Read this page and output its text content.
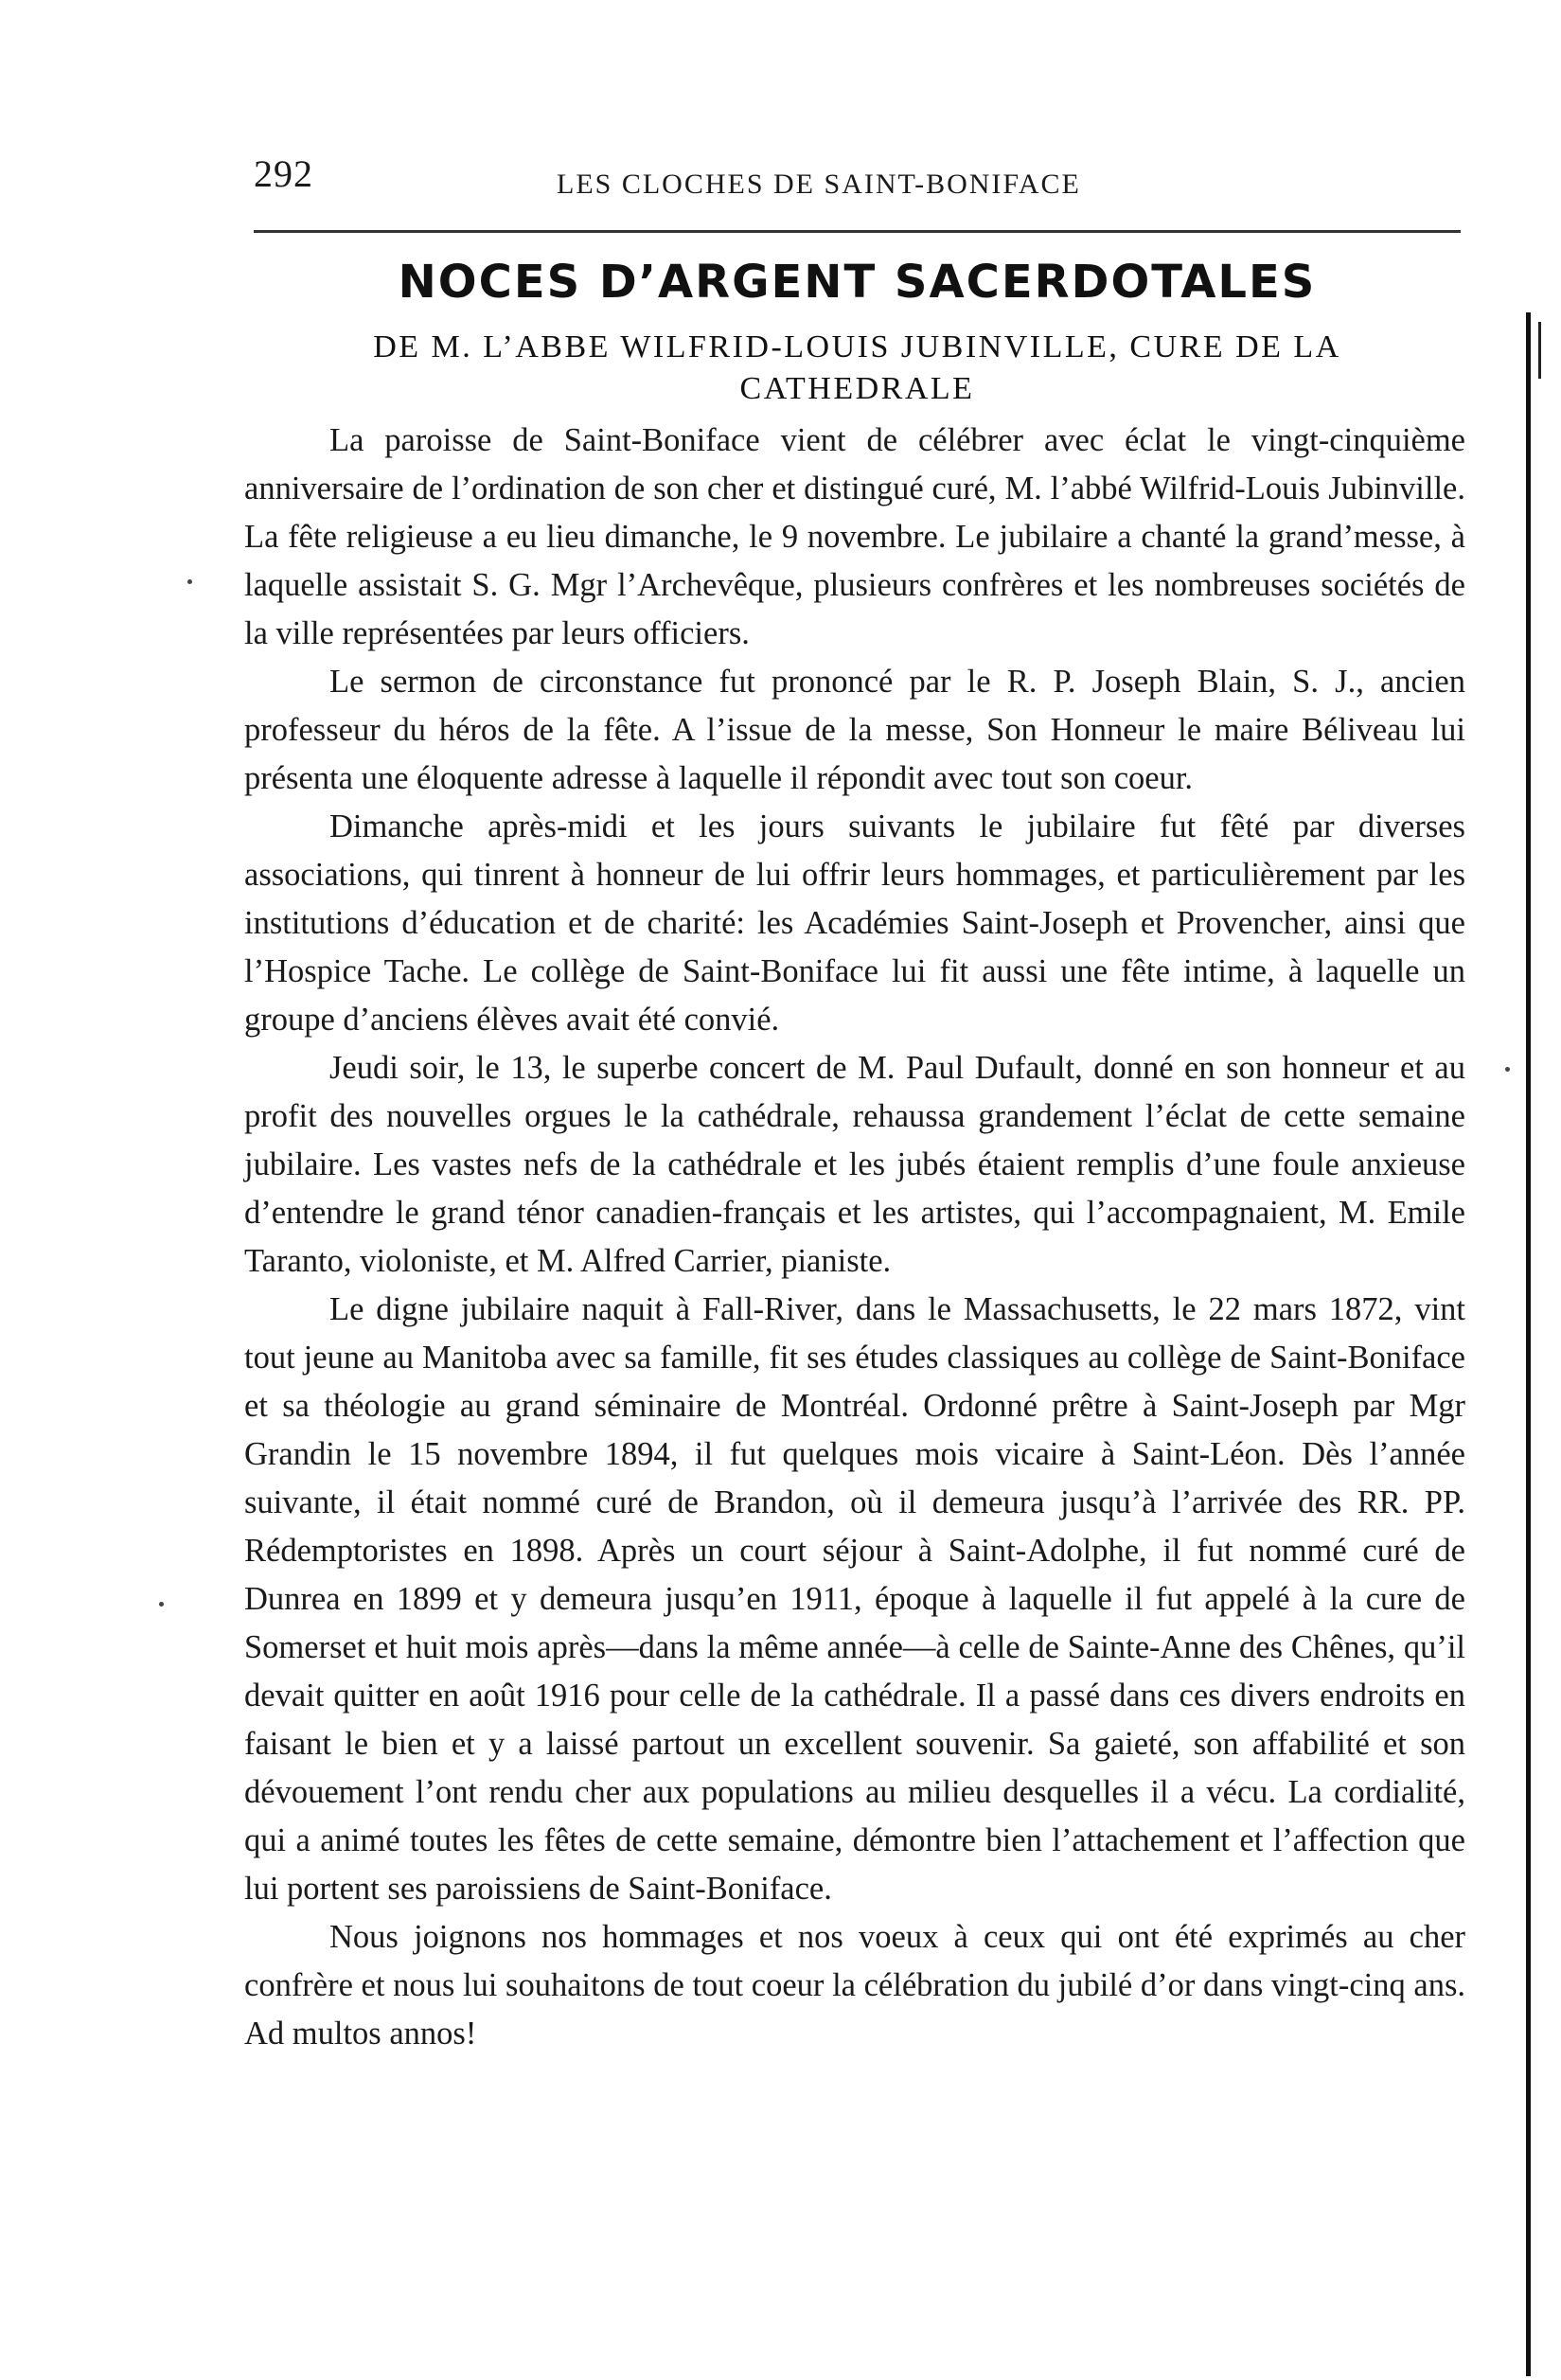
292	LES CLOCHES DE SAINT-BONIFACE
NOCES D’ARGENT SACERDOTALES
DE M. L’ABBE WILFRID-LOUIS JUBINVILLE, CURE DE LA CATHEDRALE

La paroisse de Saint-Boniface vient de célébrer avec éclat le vingt-cinquième anniversaire de l’ordination de son cher et distingué curé, M. l’abbé Wilfrid-Louis Jubinville. La fête religieuse a eu lieu dimanche, le 9 novembre. Le jubilaire a chanté la grand’messe, à laquelle assistait S. G. Mgr l’Archevêque, plusieurs confrères et les nombreuses sociétés de la ville représentées par leurs officiers.

Le sermon de circonstance fut prononcé par le R. P. Joseph Blain, S. J., ancien professeur du héros de la fête. A l’issue de la messe, Son Honneur le maire Béliveau lui présenta une éloquente adresse à laquelle il répondit avec tout son coeur.

Dimanche après-midi et les jours suivants le jubilaire fut fêté par diverses associations, qui tinrent à honneur de lui offrir leurs hommages, et particulièrement par les institutions d’éducation et de charité: les Académies Saint-Joseph et Provencher, ainsi que l’Hospice Tache. Le collège de Saint-Boniface lui fit aussi une fête intime, à laquelle un groupe d’anciens élèves avait été convié.

Jeudi soir, le 13, le superbe concert de M. Paul Dufault, donné en son honneur et au profit des nouvelles orgues le la cathédrale, rehaussa grandement l’éclat de cette semaine jubilaire. Les vastes nefs de la cathédrale et les jubés étaient remplis d’une foule anxieuse d’entendre le grand ténor canadien-français et les artistes, qui l’accompagnaient, M. Emile Taranto, violoniste, et M. Alfred Carrier, pianiste.

Le digne jubilaire naquit à Fall-River, dans le Massachusetts, le 22 mars 1872, vint tout jeune au Manitoba avec sa famille, fit ses études classiques au collège de Saint-Boniface et sa théologie au grand séminaire de Montréal. Ordonné prêtre à Saint-Joseph par Mgr Grandin le 15 novembre 1894, il fut quelques mois vicaire à Saint-Léon. Dès l’année suivante, il était nommé curé de Brandon, où il demeura jusqu’à l’arrivée des RR. PP. Rédemptoristes en 1898. Après un court séjour à Saint-Adolphe, il fut nommé curé de Dunrea en 1899 et y demeura jusqu’en 1911, époque à laquelle il fut appelé à la cure de Somerset et huit mois après—dans la même année—à celle de Sainte-Anne des Chênes, qu’il devait quitter en août 1916 pour celle de la cathédrale. Il a passé dans ces divers endroits en faisant le bien et y a laissé partout un excellent souvenir. Sa gaieté, son affabilité et son dévouement l’ont rendu cher aux populations au milieu desquelles il a vécu. La cordialité, qui a animé toutes les fêtes de cette semaine, démontre bien l’attachement et l’affection que lui portent ses paroissiens de Saint-Boniface.

Nous joignons nos hommages et nos voeux à ceux qui ont été exprimés au cher confrère et nous lui souhaitons de tout coeur la célébration du jubilé d’or dans vingt-cinq ans. Ad multos annos!
